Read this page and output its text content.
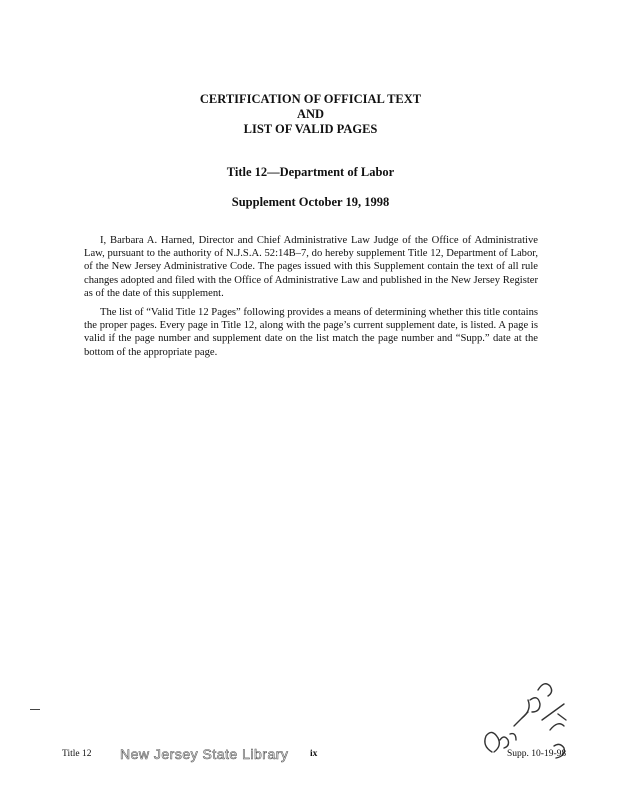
CERTIFICATION OF OFFICIAL TEXT
AND
LIST OF VALID PAGES
Title 12—Department of Labor
Supplement October 19, 1998

I, Barbara A. Harned, Director and Chief Administrative Law Judge of the Office of Administrative Law, pursuant to the authority of N.J.S.A. 52:14B–7, do hereby supplement Title 12, Department of Labor, of the New Jersey Administrative Code. The pages issued with this Supplement contain the text of all rule changes adopted and filed with the Office of Administrative Law and published in the New Jersey Register as of the date of this supplement.

The list of “Valid Title 12 Pages” following provides a means of determining whether this title contains the proper pages. Every page in Title 12, along with the page’s current supplement date, is listed. A page is valid if the page number and supplement date on the list match the page number and “Supp.” date at the bottom of the appropriate page.

Title 12 New Jersey State Library ix	Supp. 10-19-98
